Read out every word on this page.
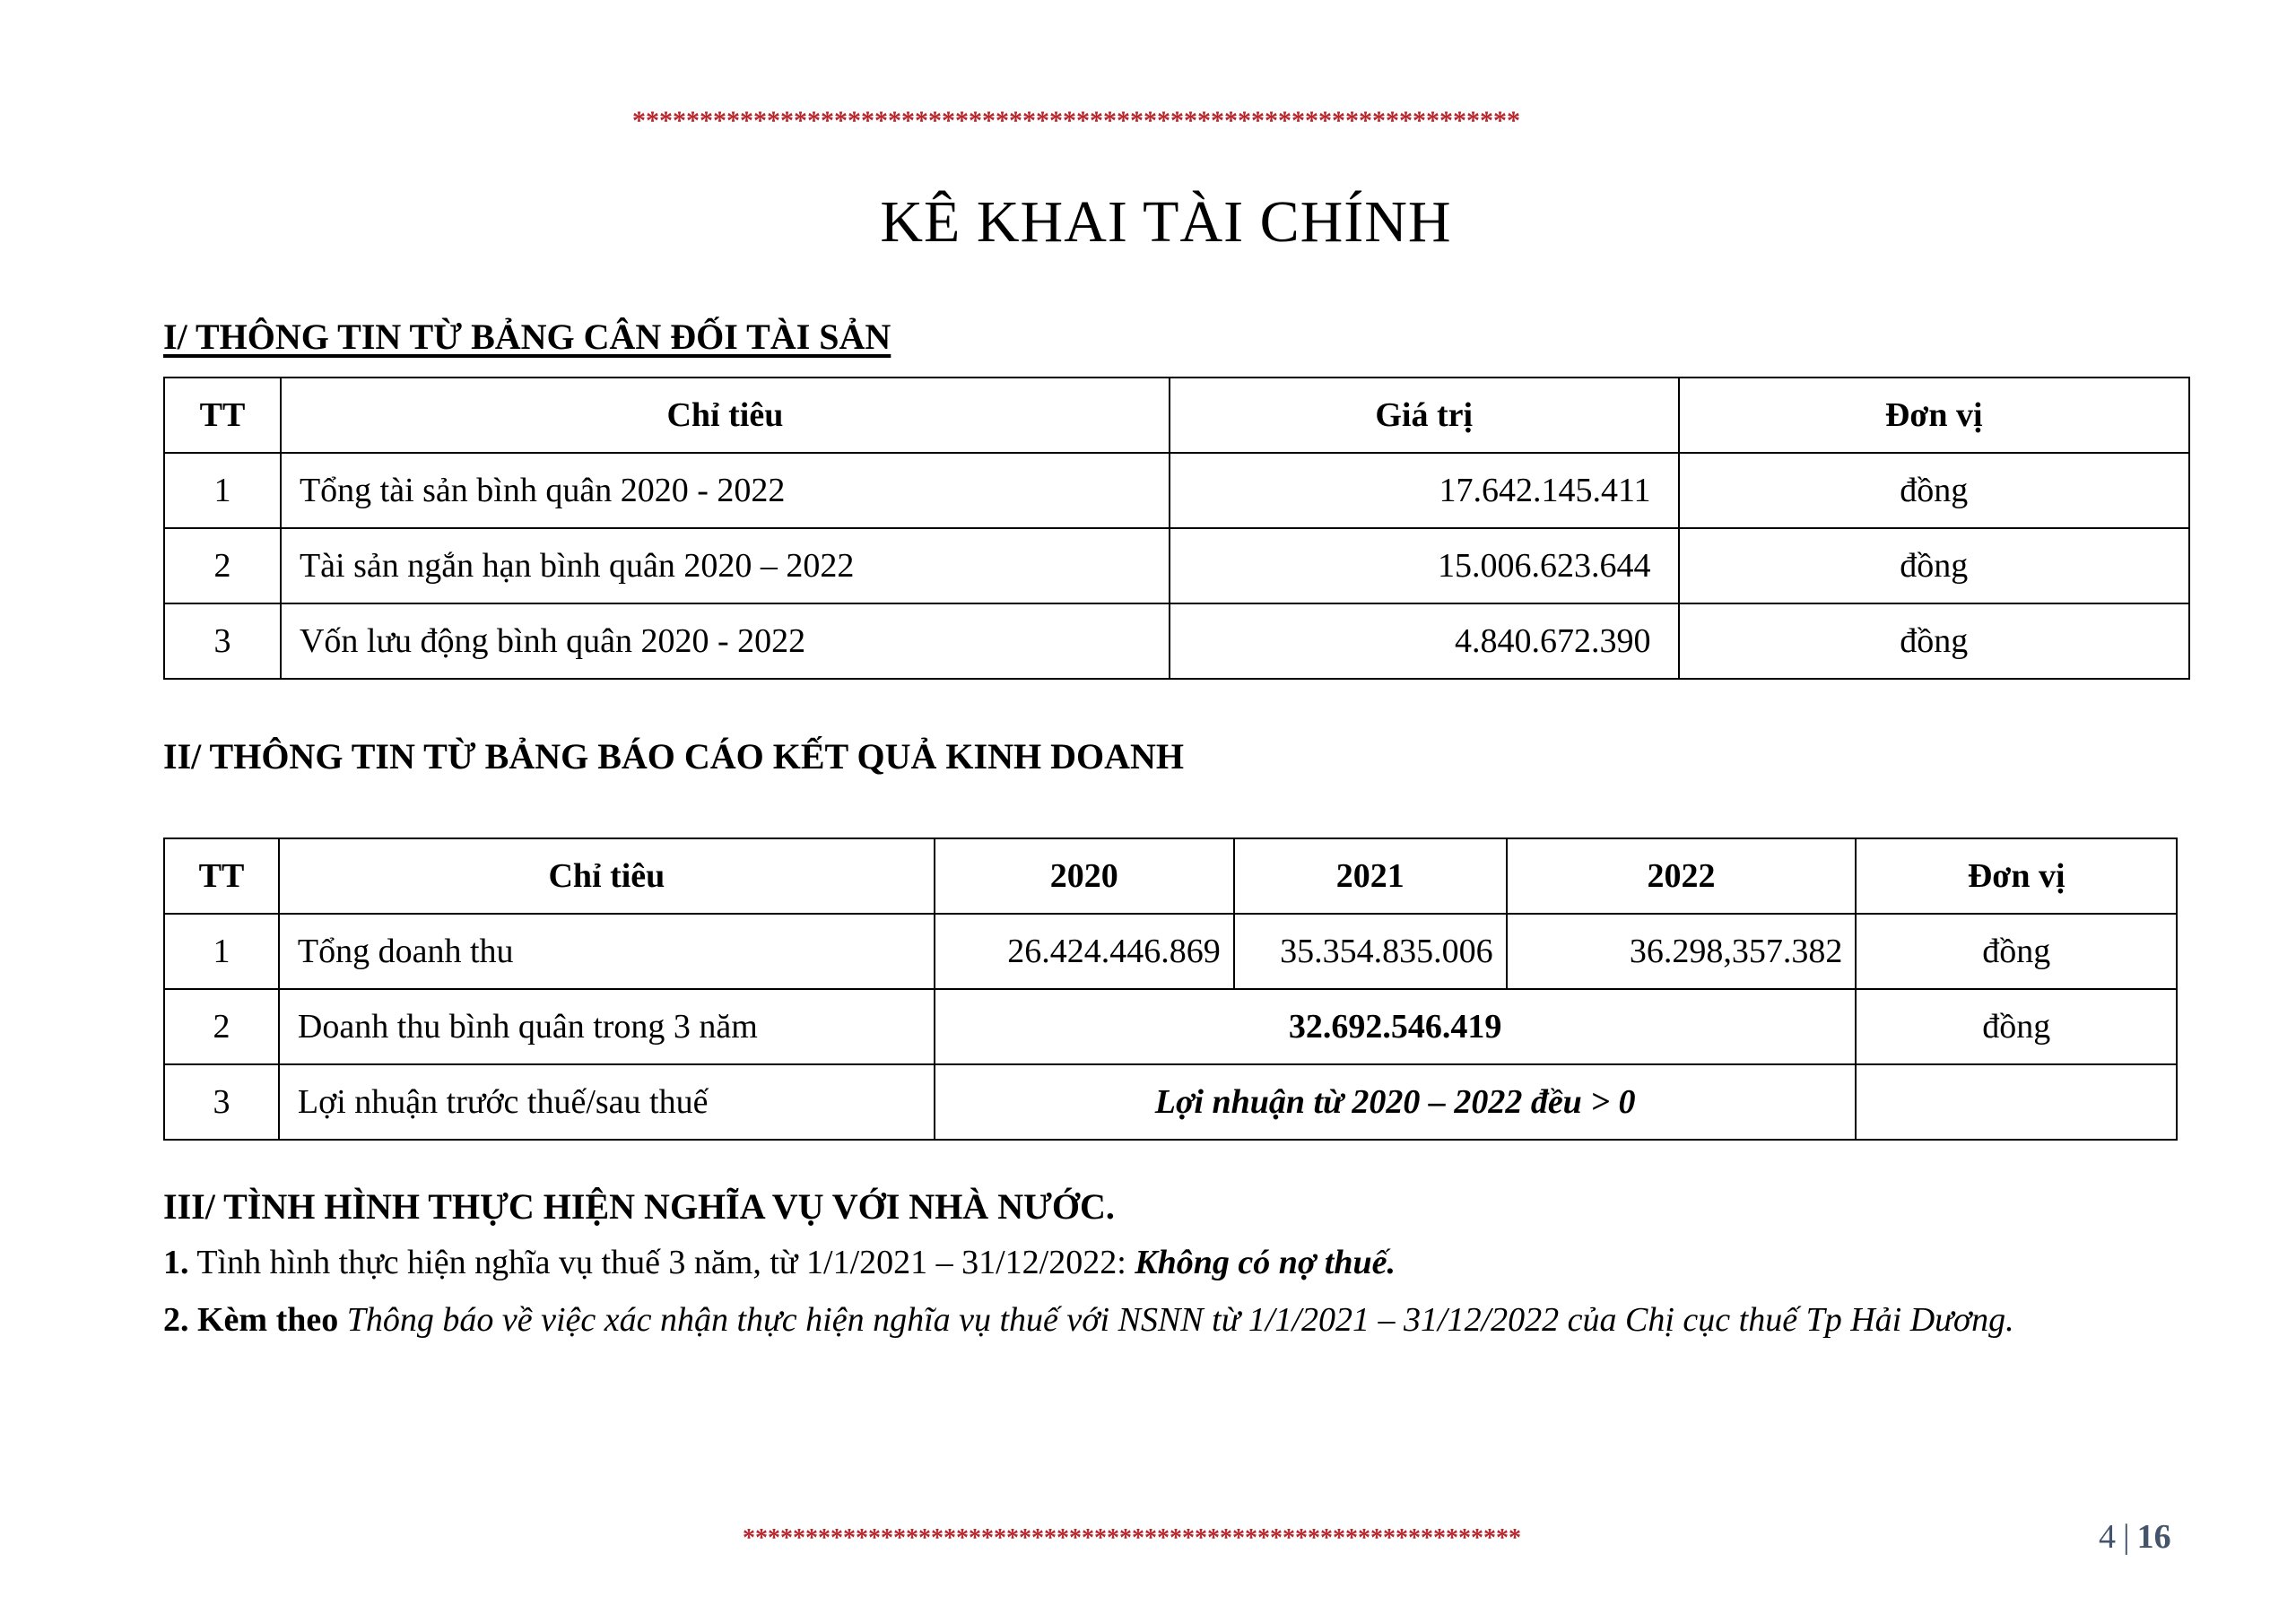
******************************************************************
KÊ KHAI TÀI CHÍNH
I/ THÔNG TIN TỪ BẢNG CÂN ĐỐI TÀI SẢN
TT	Chỉ tiêu	Giá trị	Đơn vị
1	Tổng tài sản bình quân 2020 - 2022	17.642.145.411	đồng
2	Tài sản ngắn hạn bình quân 2020 – 2022	15.006.623.644	đồng
3	Vốn lưu động bình quân 2020 - 2022	4.840.672.390	đồng
II/ THÔNG TIN TỪ BẢNG BÁO CÁO KẾT QUẢ KINH DOANH
TT	Chỉ tiêu	2020	2021	2022	Đơn vị
1	Tổng doanh thu	26.424.446.869	35.354.835.006	36.298,357.382	đồng
2	Doanh thu bình quân trong 3 năm	32.692.546.419			đồng
3	Lợi nhuận trước thuế/sau thuế	Lợi nhuận từ 2020 – 2022 đều > 0			
III/ TÌNH HÌNH THỰC HIỆN NGHĨA VỤ VỚI NHÀ NƯỚC.
1. Tình hình thực hiện nghĩa vụ thuế 3 năm, từ 1/1/2021 – 31/12/2022: Không có nợ thuế.
2. Kèm theo Thông báo về việc xác nhận thực hiện nghĩa vụ thuế với NSNN từ 1/1/2021 – 31/12/2022 của Chị cục thuế Tp Hải Dương.
**************************************************************	4 | 16
